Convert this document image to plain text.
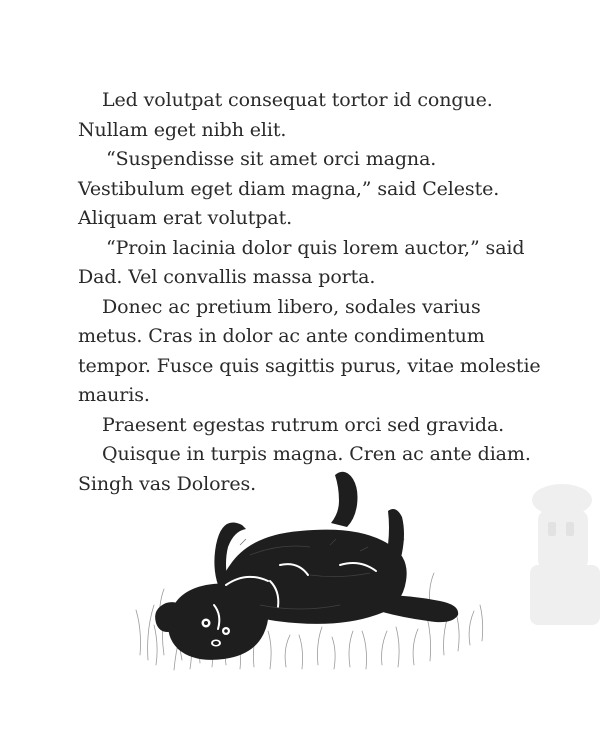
Led volutpat consequat tortor id congue. Nullam eget nibh elit.

“Suspendisse sit amet orci magna. Vestibulum eget diam magna,” said Celeste. Aliquam erat volutpat.

“Proin lacinia dolor quis lorem auctor,” said Dad. Vel convallis massa porta.

Donec ac pretium libero, sodales varius metus. Cras in dolor ac ante condimentum tempor. Fusce quis sagittis purus, vitae molestie mauris.

Praesent egestas rutrum orci sed gravida.

Quisque in turpis magna. Cren ac ante diam. Singh vas Dolores.
